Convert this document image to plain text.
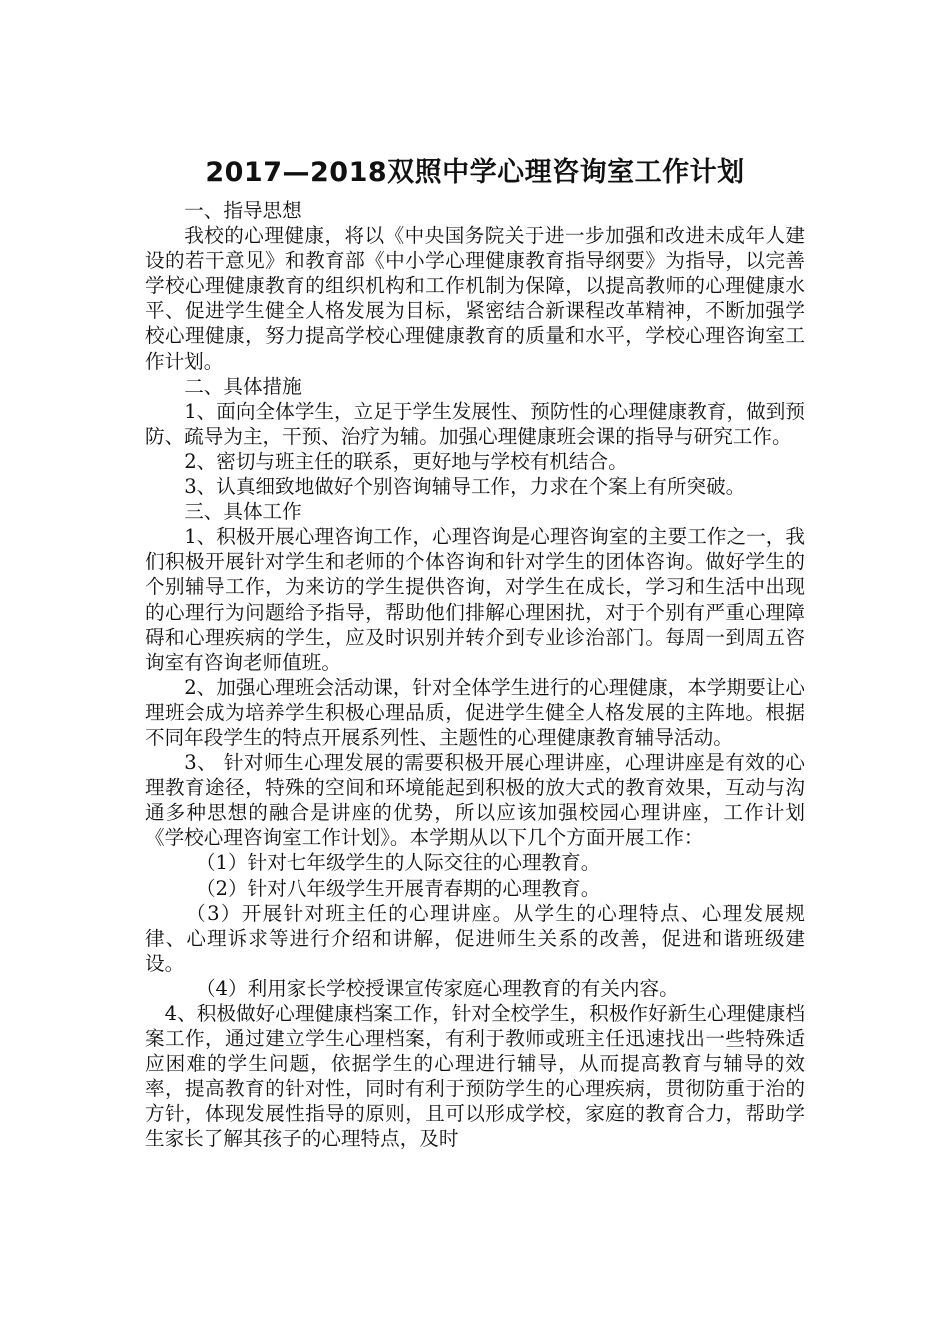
2017—2018双照中学心理咨询室工作计划

一、指导思想

我校的心理健康，将以《中央国务院关于进一步加强和改进未成年人建设的若干意见》和教育部《中小学心理健康教育指导纲要》为指导，以完善学校心理健康教育的组织机构和工作机制为保障，以提高教师的心理健康水平、促进学生健全人格发展为目标，紧密结合新课程改革精神，不断加强学校心理健康，努力提高学校心理健康教育的质量和水平，学校心理咨询室工作计划。

二、具体措施

1、面向全体学生，立足于学生发展性、预防性的心理健康教育，做到预防、疏导为主，干预、治疗为辅。加强心理健康班会课的指导与研究工作。

2、密切与班主任的联系，更好地与学校有机结合。

3、认真细致地做好个别咨询辅导工作，力求在个案上有所突破。

三、具体工作

1、积极开展心理咨询工作，心理咨询是心理咨询室的主要工作之一，我们积极开展针对学生和老师的个体咨询和针对学生的团体咨询。做好学生的个别辅导工作，为来访的学生提供咨询，对学生在成长，学习和生活中出现的心理行为问题给予指导，帮助他们排解心理困扰，对于个别有严重心理障碍和心理疾病的学生，应及时识别并转介到专业诊治部门。每周一到周五咨询室有咨询老师值班。

2、加强心理班会活动课，针对全体学生进行的心理健康，本学期要让心理班会成为培养学生积极心理品质，促进学生健全人格发展的主阵地。根据不同年段学生的特点开展系列性、主题性的心理健康教育辅导活动。

3、 针对师生心理发展的需要积极开展心理讲座，心理讲座是有效的心理教育途径，特殊的空间和环境能起到积极的放大式的教育效果，互动与沟通多种思想的融合是讲座的优势，所以应该加强校园心理讲座，工作计划《学校心理咨询室工作计划》。本学期从以下几个方面开展工作：

（1）针对七年级学生的人际交往的心理教育。

（2）针对八年级学生开展青春期的心理教育。

（3）开展针对班主任的心理讲座。从学生的心理特点、心理发展规律、心理诉求等进行介绍和讲解，促进师生关系的改善，促进和谐班级建设。

（4）利用家长学校授课宣传家庭心理教育的有关内容。

4、积极做好心理健康档案工作，针对全校学生，积极作好新生心理健康档案工作，通过建立学生心理档案，有利于教师或班主任迅速找出一些特殊适应困难的学生问题，依据学生的心理进行辅导，从而提高教育与辅导的效率，提高教育的针对性，同时有利于预防学生的心理疾病，贯彻防重于治的方针，体现发展性指导的原则，且可以形成学校，家庭的教育合力，帮助学生家长了解其孩子的心理特点，及时
